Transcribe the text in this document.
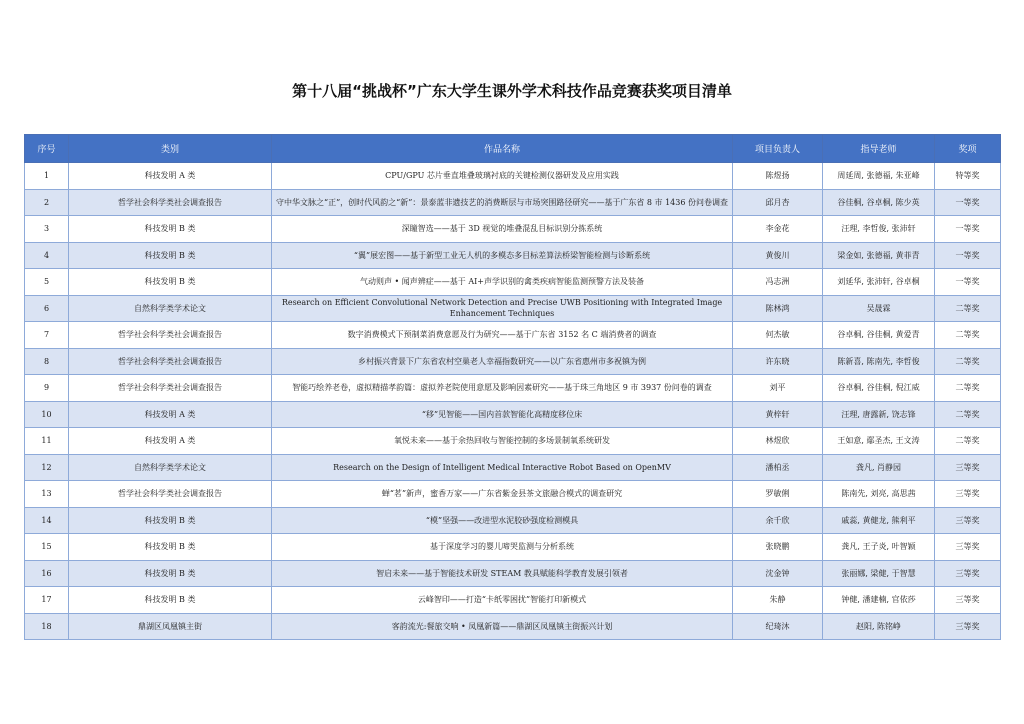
第十八届“挑战杯”广东大学生课外学术科技作品竞赛获奖项目清单
序号	类别	作品名称	项目负责人	指导老师	奖项
1	科技发明 A 类	CPU/GPU 芯片垂直堆叠玻璃衬底的关键检测仪器研发及应用实践	陈煜扬	周延周, 张德福, 朱亚峰	特等奖
2	哲学社会科学类社会调查报告	守中华文脉之“正”，创时代风韵之“新”：景泰蓝非遗技艺的消费断层与市场突围路径研究——基于广东省 8 市 1436 份问卷调查	邱月杏	谷佳桐, 谷卓桐, 陈少英	一等奖
3	科技发明 B 类	深瞳智选——基于 3D 视觉的堆叠混乱目标识别分拣系统	李金花	汪理, 李哲俊, 张沛轩	一等奖
4	科技发明 B 类	“翼”展宏图——基于新型工业无人机的多模态多目标差算法桥梁智能检测与诊断系统	黄俊川	梁金如, 张德福, 黄菲青	一等奖
5	科技发明 B 类	气动则声 • 闻声辨症——基于 AI+声学识别的禽类疾病智能监测预警方法及装备	冯志洲	刘延华, 张沛轩, 谷卓桐	一等奖
6	自然科学类学术论文	Research on Efficient Convolutional Network Detection and Precise UWB Positioning with Integrated Image Enhancement Techniques	陈林鸿	吴晟霖	二等奖
7	哲学社会科学类社会调查报告	数字消费模式下预制菜消费意愿及行为研究——基于广东省 3152 名 C 端消费者的调查	何杰敏	谷卓桐, 谷佳桐, 黄爱青	二等奖
8	哲学社会科学类社会调查报告	乡村振兴背景下广东省农村空巢老人幸福指数研究——以广东省惠州市多祝镇为例	许东晓	陈新喜, 陈南先, 李哲俊	二等奖
9	哲学社会科学类社会调查报告	智能巧绘养老卷，虚拟精描孝韵篇：虚拟养老院使用意愿及影响因素研究——基于珠三角地区 9 市 3937 份问卷的调查	刘平	谷卓桐, 谷佳桐, 倪江威	二等奖
10	科技发明 A 类	“移”见智能——国内首款智能化高精度移位床	黄梓轩	汪理, 唐露新, 饶志锋	二等奖
11	科技发明 A 类	氧悦未来——基于余热回收与智能控制的多场景制氧系统研发	林煜欣	王如意, 鄢圣杰, 王文涛	二等奖
12	自然科学类学术论文	Research on the Design of Intelligent Medical Interactive Robot Based on OpenMV	潘柏丞	龚凡, 肖静园	三等奖
13	哲学社会科学类社会调查报告	蝉“茗”新声，蜜香万家——广东省紫金县茶文旅融合模式的调查研究	罗敏俐	陈南先, 刘亮, 高思茜	三等奖
14	科技发明 B 类	“模”坚强——改进型水泥胶砂强度检测模具	余千欣	戚蕊, 黄健龙, 熊利平	三等奖
15	科技发明 B 类	基于深度学习的婴儿啼哭监测与分析系统	张晓鹏	龚凡, 王子炎, 叶智颖	三等奖
16	科技发明 B 类	智启未来——基于智能技术研发 STEAM 教具赋能科学教育发展引领者	沈金钟	张丽娜, 梁健, 于智慧	三等奖
17	科技发明 B 类	云峰智印——打造“卡纸零困扰”智能打印新模式	朱静	钟健, 潘建楠, 官依莎	三等奖
18	鼎湖区凤凰镇主街	客韵流光:餐旅交响 • 凤凰新篇——鼎湖区凤凰镇主街振兴计划	纪琦沐	赵阳, 陈铭峥	三等奖
